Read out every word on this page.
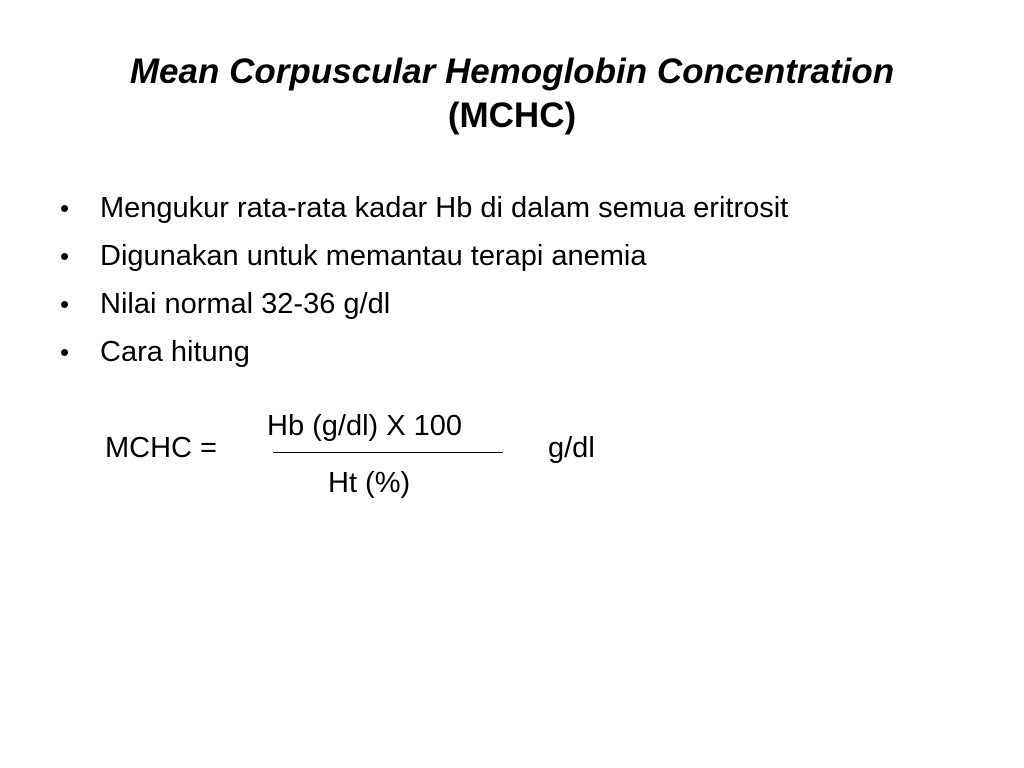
Mean Corpuscular Hemoglobin Concentration
(MCHC)
•	Mengukur rata-rata kadar Hb di dalam semua eritrosit
•	Digunakan untuk memantau terapi anemia
•	Nilai normal 32-36 g/dl
•	Cara hitung
MCHC =
Hb (g/dl) X 100
Ht (%)
g/dl
